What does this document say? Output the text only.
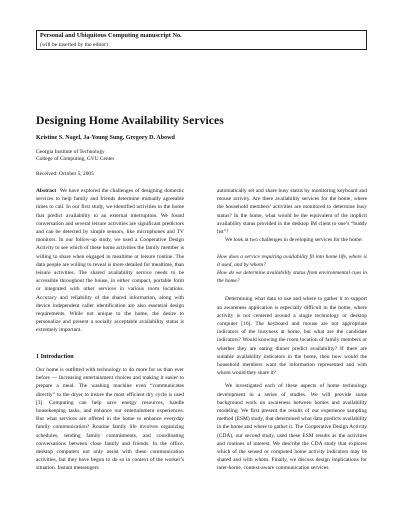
Personal and Ubiquitous Computing manuscript No.
(will be inserted by the editor)
Designing Home Availability Services
Kristine S. Nagel, Ja-Young Sung, Gregory D. Abowd
Georgia Institute of Technology
College of Computing, GVU Center
Received: October 5, 2005

Abstract We have explored the challenges of designing domestic services to help family and friends determine mutually agreeable times to call. In our first study, we identified activities in the home that predict availability to an external interruption. We found conversation and several leisure activities are significant predictors and can be detected by simple sensors, like microphones and TV monitors. In our follow-up study, we used a Cooperative Design Activity to see which of these home activities the family member is willing to share when engaged in mealtime or leisure routine. The data people are willing to reveal is more detailed for mealtime, than leisure activities. The shared availability service needs to be accessible throughout the house, in either compact, portable form or integrated with other services in various room locations. Accuracy and reliability of the shared information, along with device independent caller identification are also essential design requirements. While not unique to the home, the desire to personalize and present a socially acceptable availability status is extremely important.

1 Introduction

Our home is outfitted with technology to do more for us than ever before — Increasing entertainment choices and making it easier to prepare a meal. The washing machine even “communicates directly” to the dryer to insure the most efficient dry cycle is used [3]. Computing can help save energy resources, handle housekeeping tasks, and enhance our entertainment experiences. But what services are offered in the home to enhance everyday family communication? Routine family life involves organizing schedules, tending family commitments, and coordinating conversations between close family and friends. In the office, desktop computers not only assist with these communication activities, but they have begun to do so in context of the worker’s situation. Instant messengers

automatically set and share busy status by monitoring keyboard and mouse activity. Are there availability services for the home, where the household members’ activities are monitored to determine busy status? In the home, what would be the equivalent of the implicit availability status provided in the desktop IM client to one’s “buddy list”?

We look at two challenges in developing services for the home:

How does a service requiring availability fit into home life, where is it used, and by whom?

How do we determine availability status from environmental cues in the home?

Determining what data to use and where to gather it to support an awareness application is especially difficult in the home, where activity is not centered around a single technology or desktop computer [16]. The keyboard and mouse are not appropriate indicators of the busyness at home, but what are the candidate indicators? Would knowing the room location of family members or whether they are eating dinner predict availability? If there are suitable availability indicators in the home, then how would the household members want the information represented and with whom would they share it?

We investigated each of these aspects of home technology development in a series of studies. We will provide some background work on awareness between homes and availability modeling. We first present the results of our experience sampling method (ESM) study, that determined what data predicts availability in the home and where to gather it. The Cooperative Design Activity (CDA), our second study, used these ESM results as the activities and routines of interest. We describe the CDA study that explores which of the sensed or computed home activity indicators may be shared and with whom. Finally, we discuss design implications for inter-home, context-aware communication services.
